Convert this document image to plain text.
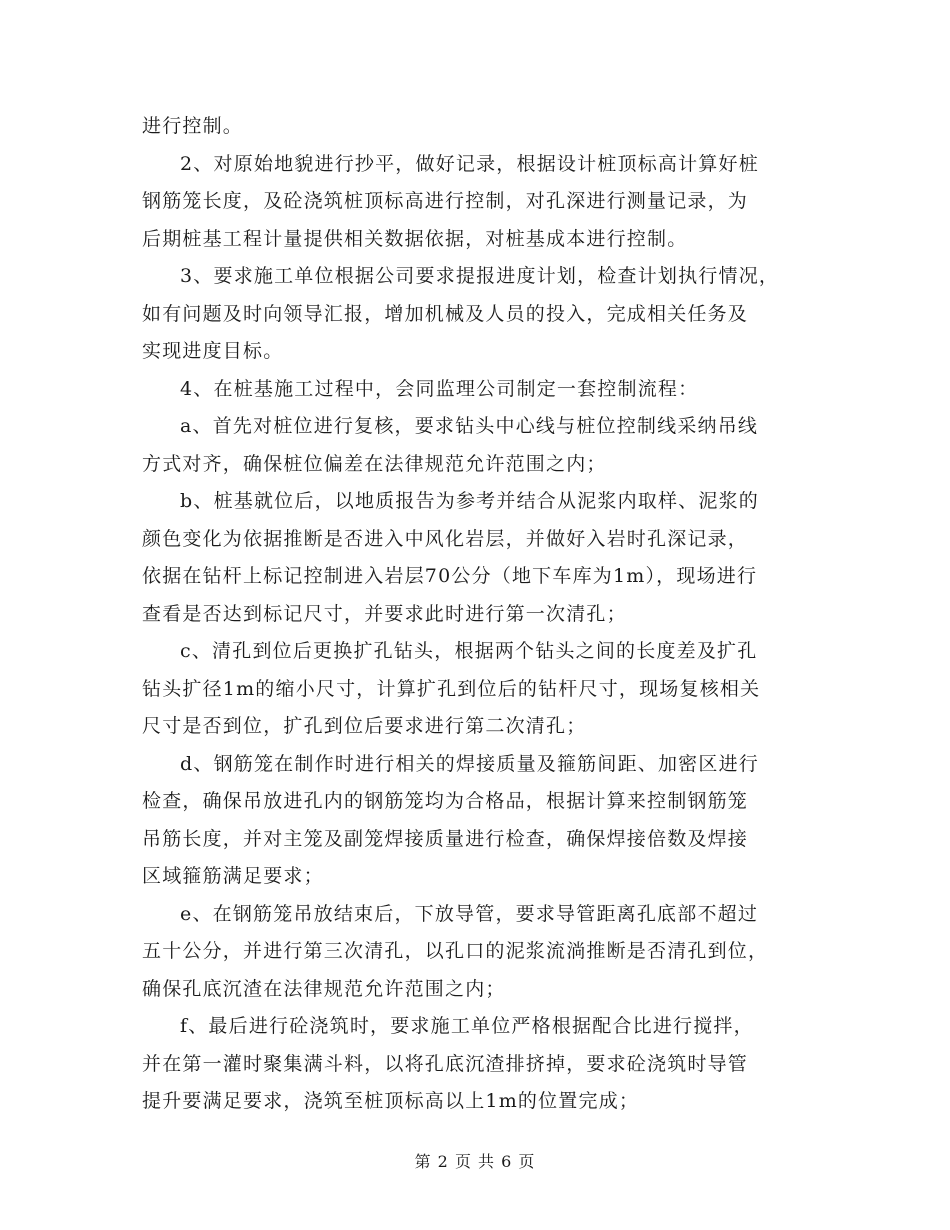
进行控制。
2、对原始地貌进行抄平，做好记录，根据设计桩顶标高计算好桩
钢筋笼长度，及砼浇筑桩顶标高进行控制，对孔深进行测量记录，为
后期桩基工程计量提供相关数据依据，对桩基成本进行控制。
3、要求施工单位根据公司要求提报进度计划，检查计划执行情况，
如有问题及时向领导汇报，增加机械及人员的投入，完成相关任务及
实现进度目标。
4、在桩基施工过程中，会同监理公司制定一套控制流程：
a、首先对桩位进行复核，要求钻头中心线与桩位控制线采纳吊线
方式对齐，确保桩位偏差在法律规范允许范围之内；
b、桩基就位后，以地质报告为参考并结合从泥浆内取样、泥浆的
颜色变化为依据推断是否进入中风化岩层，并做好入岩时孔深记录，
依据在钻杆上标记控制进入岩层70公分（地下车库为1m），现场进行
查看是否达到标记尺寸，并要求此时进行第一次清孔；
c、清孔到位后更换扩孔钻头，根据两个钻头之间的长度差及扩孔
钻头扩径1m的缩小尺寸，计算扩孔到位后的钻杆尺寸，现场复核相关
尺寸是否到位，扩孔到位后要求进行第二次清孔；
d、钢筋笼在制作时进行相关的焊接质量及箍筋间距、加密区进行
检查，确保吊放进孔内的钢筋笼均为合格品，根据计算来控制钢筋笼
吊筋长度，并对主笼及副笼焊接质量进行检查，确保焊接倍数及焊接
区域箍筋满足要求；
e、在钢筋笼吊放结束后，下放导管，要求导管距离孔底部不超过
五十公分，并进行第三次清孔，以孔口的泥浆流淌推断是否清孔到位，
确保孔底沉渣在法律规范允许范围之内；
f、最后进行砼浇筑时，要求施工单位严格根据配合比进行搅拌，
并在第一灌时聚集满斗料，以将孔底沉渣排挤掉，要求砼浇筑时导管
提升要满足要求，浇筑至桩顶标高以上1m的位置完成；
第 2 页 共 6 页
